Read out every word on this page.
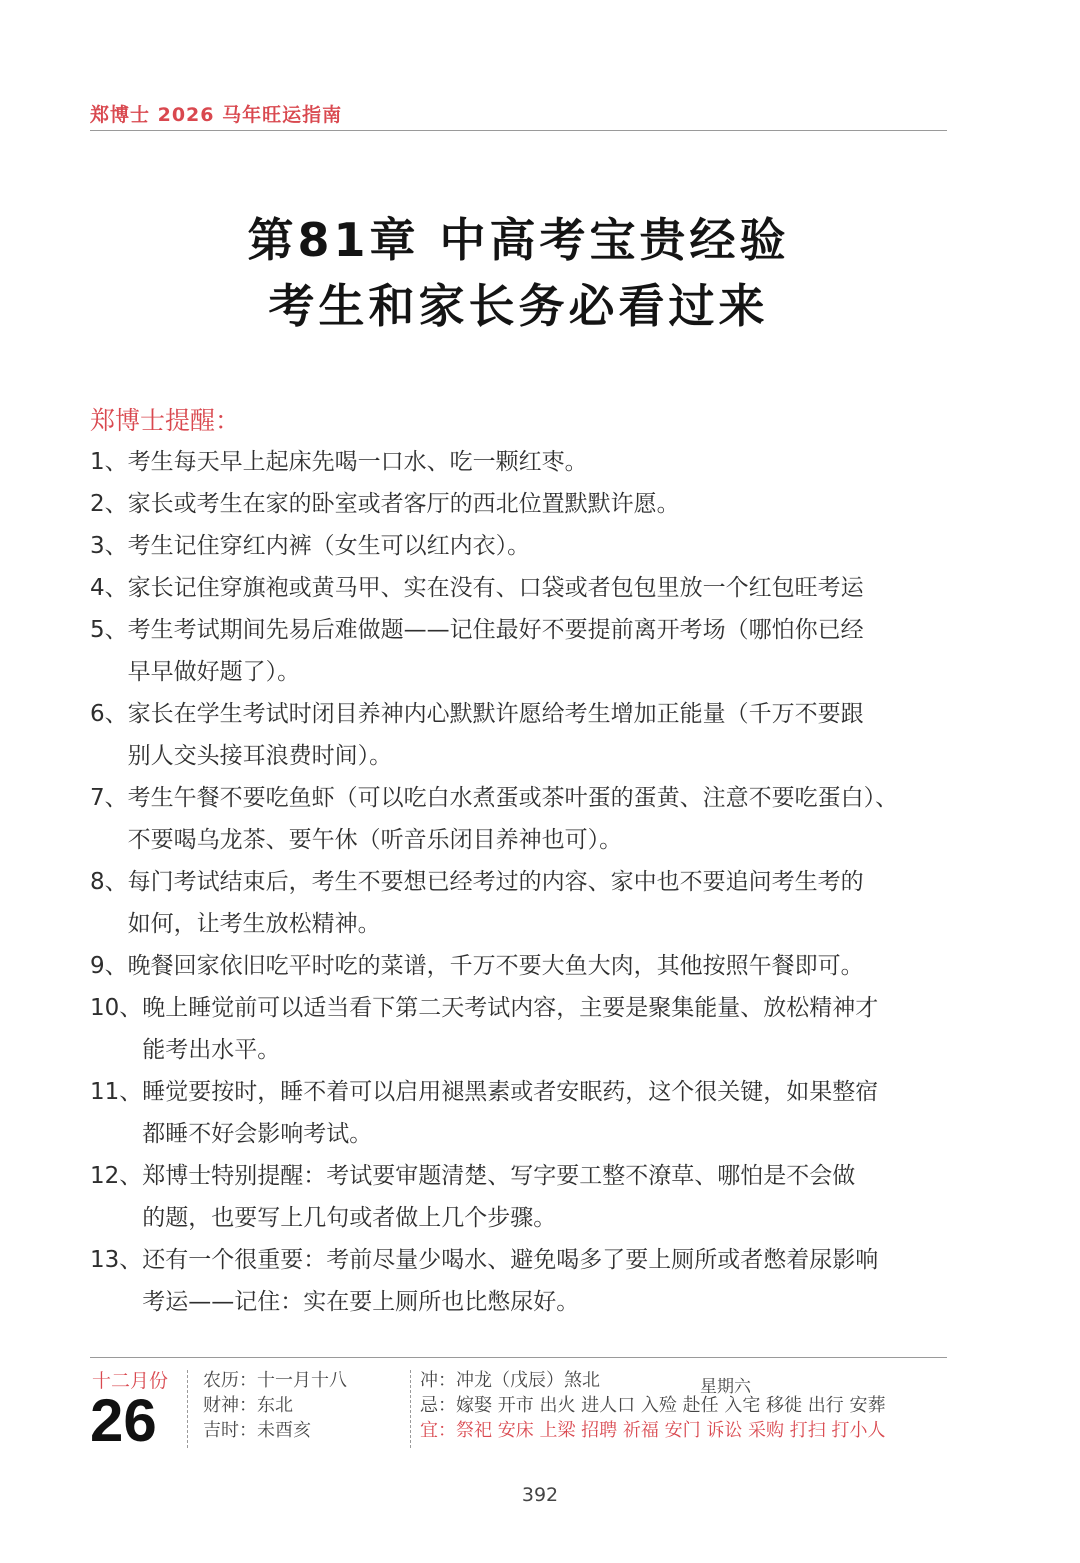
郑博士 2026 马年旺运指南
第81章 中高考宝贵经验
考生和家长务必看过来
郑博士提醒：
1、 考生每天早上起床先喝一口水、吃一颗红枣。
2、 家长或考生在家的卧室或者客厅的西北位置默默许愿。
3、 考生记住穿红内裤（女生可以红内衣）。
4、 家长记住穿旗袍或黄马甲、实在没有、口袋或者包包里放一个红包旺考运
5、 考生考试期间先易后难做题——记住最好不要提前离开考场（哪怕你已经
早早做好题了）。
6、 家长在学生考试时闭目养神内心默默许愿给考生增加正能量（千万不要跟
别人交头接耳浪费时间）。
7、 考生午餐不要吃鱼虾（可以吃白水煮蛋或茶叶蛋的蛋黄、注意不要吃蛋白）、
不要喝乌龙茶、要午休（听音乐闭目养神也可）。
8、 每门考试结束后，考生不要想已经考过的内容、家中也不要追问考生考的
如何，让考生放松精神。
9、 晚餐回家依旧吃平时吃的菜谱，千万不要大鱼大肉，其他按照午餐即可。
10、 晚上睡觉前可以适当看下第二天考试内容，主要是聚集能量、放松精神才
能考出水平。
11、 睡觉要按时，睡不着可以启用褪黑素或者安眠药，这个很关键，如果整宿
都睡不好会影响考试。
12、 郑博士特别提醒：考试要审题清楚、写字要工整不潦草、哪怕是不会做
的题，也要写上几句或者做上几个步骤。
13、 还有一个很重要：考前尽量少喝水、避免喝多了要上厕所或者憋着尿影响
考运——记住：实在要上厕所也比憋尿好。
十二月份
26
农历：十一月十八
财神：东北
吉时：未酉亥
冲：冲龙（戊辰）煞北
忌：嫁娶 开市 出火 进人口 入殓 赴任 入宅 移徙 出行 安葬
宜：祭祀 安床 上梁 招聘 祈福 安门 诉讼 采购 打扫 打小人
星期六
392
